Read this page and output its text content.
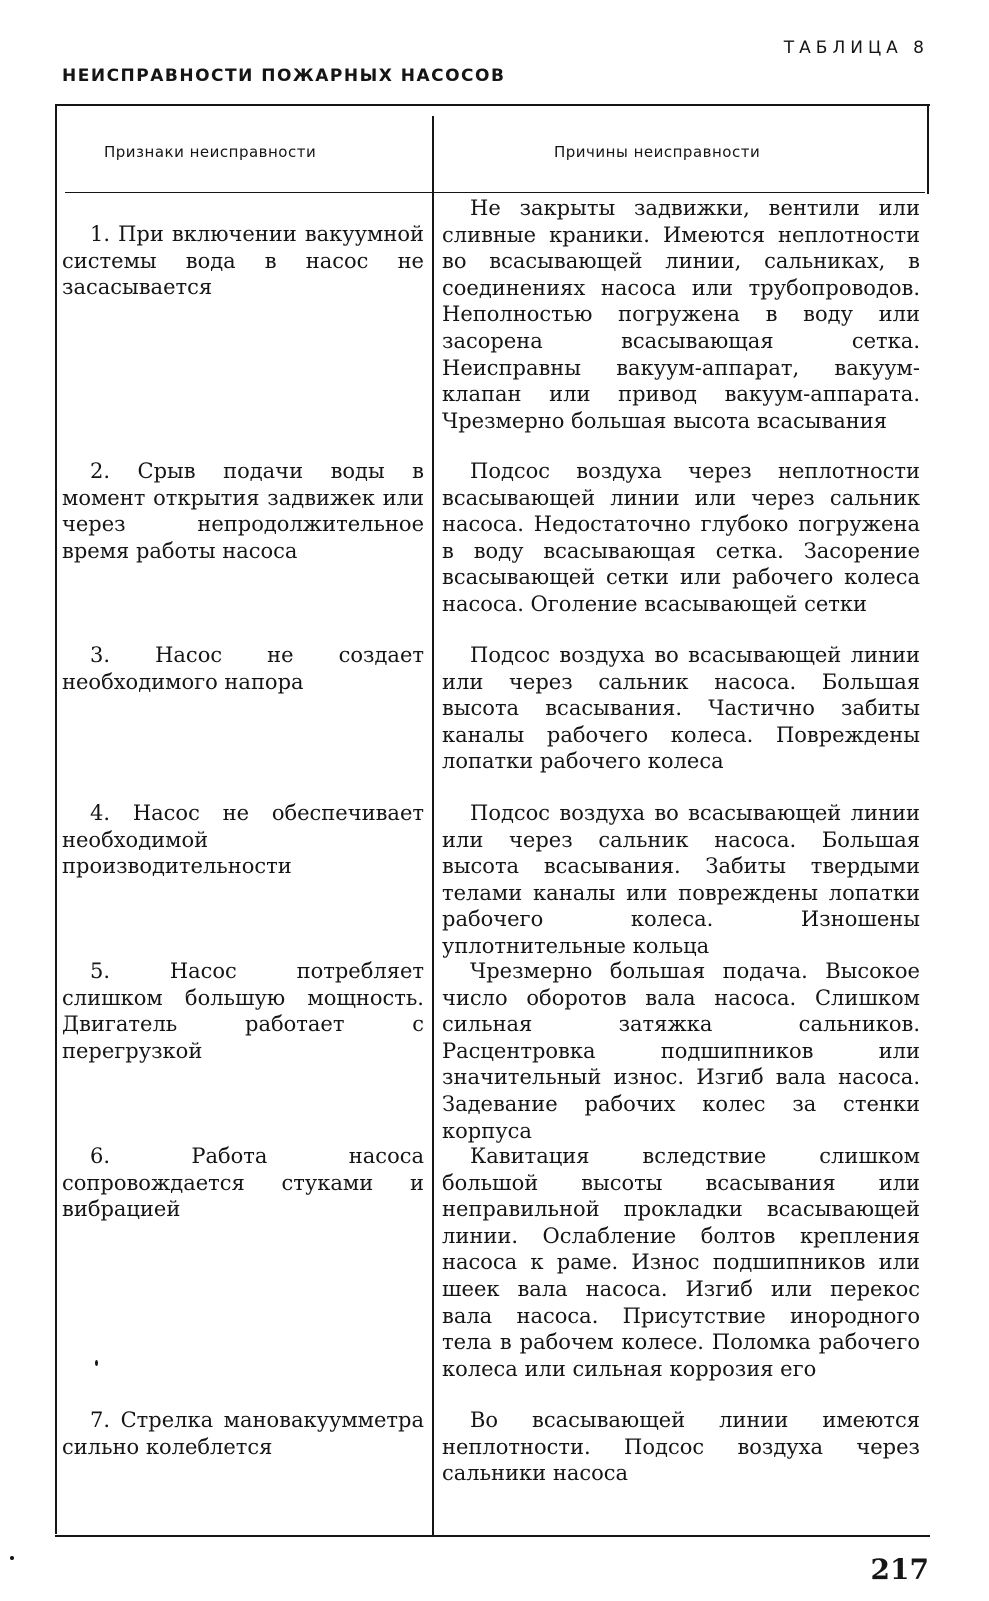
ТАБЛИЦА 8
НЕИСПРАВНОСТИ ПОЖАРНЫХ НАСОСОВ
Признаки неисправности	Причины неисправности

1. При включении вакуумной системы вода в насос не засасывается

Не закрыты задвижки, вентили или сливные краники. Имеются неплотности во всасывающей линии, сальниках, в соединениях насоса или трубопроводов. Неполностью погружена в воду или засорена всасывающая сетка. Неисправны вакуум-аппарат, вакуум-клапан или привод вакуум-аппарата. Чрезмерно большая высота всасывания

2. Срыв подачи воды в момент открытия задвижек или через непродолжительное время работы насоса

Подсос воздуха через неплотности всасывающей линии или через сальник насоса. Недостаточно глубоко погружена в воду всасывающая сетка. Засорение всасывающей сетки или рабочего колеса насоса. Оголение всасывающей сетки

3. Насос не создает необходимого напора

Подсос воздуха во всасывающей линии или через сальник насоса. Большая высота всасывания. Частично забиты каналы рабочего колеса. Повреждены лопатки рабочего колеса

4. Насос не обеспечивает необходимой производительности

Подсос воздуха во всасывающей линии или через сальник насоса. Большая высота всасывания. Забиты твердыми телами каналы или повреждены лопатки рабочего колеса. Изношены уплотнительные кольца

5. Насос потребляет слишком большую мощность. Двигатель работает с перегрузкой

Чрезмерно большая подача. Высокое число оборотов вала насоса. Слишком сильная затяжка сальников. Расцентровка подшипников или значительный износ. Изгиб вала насоса. Задевание рабочих колес за стенки корпуса

6. Работа насоса сопровождается стуками и вибрацией

Кавитация вследствие слишком большой высоты всасывания или неправильной прокладки всасывающей линии. Ослабление болтов крепления насоса к раме. Износ подшипников или шеек вала насоса. Изгиб или перекос вала насоса. Присутствие инородного тела в рабочем колесе. Поломка рабочего колеса или сильная коррозия его

7. Стрелка мановакуумметра сильно колеблется

Во всасывающей линии имеются неплотности. Подсос воздуха через сальники насоса

217
